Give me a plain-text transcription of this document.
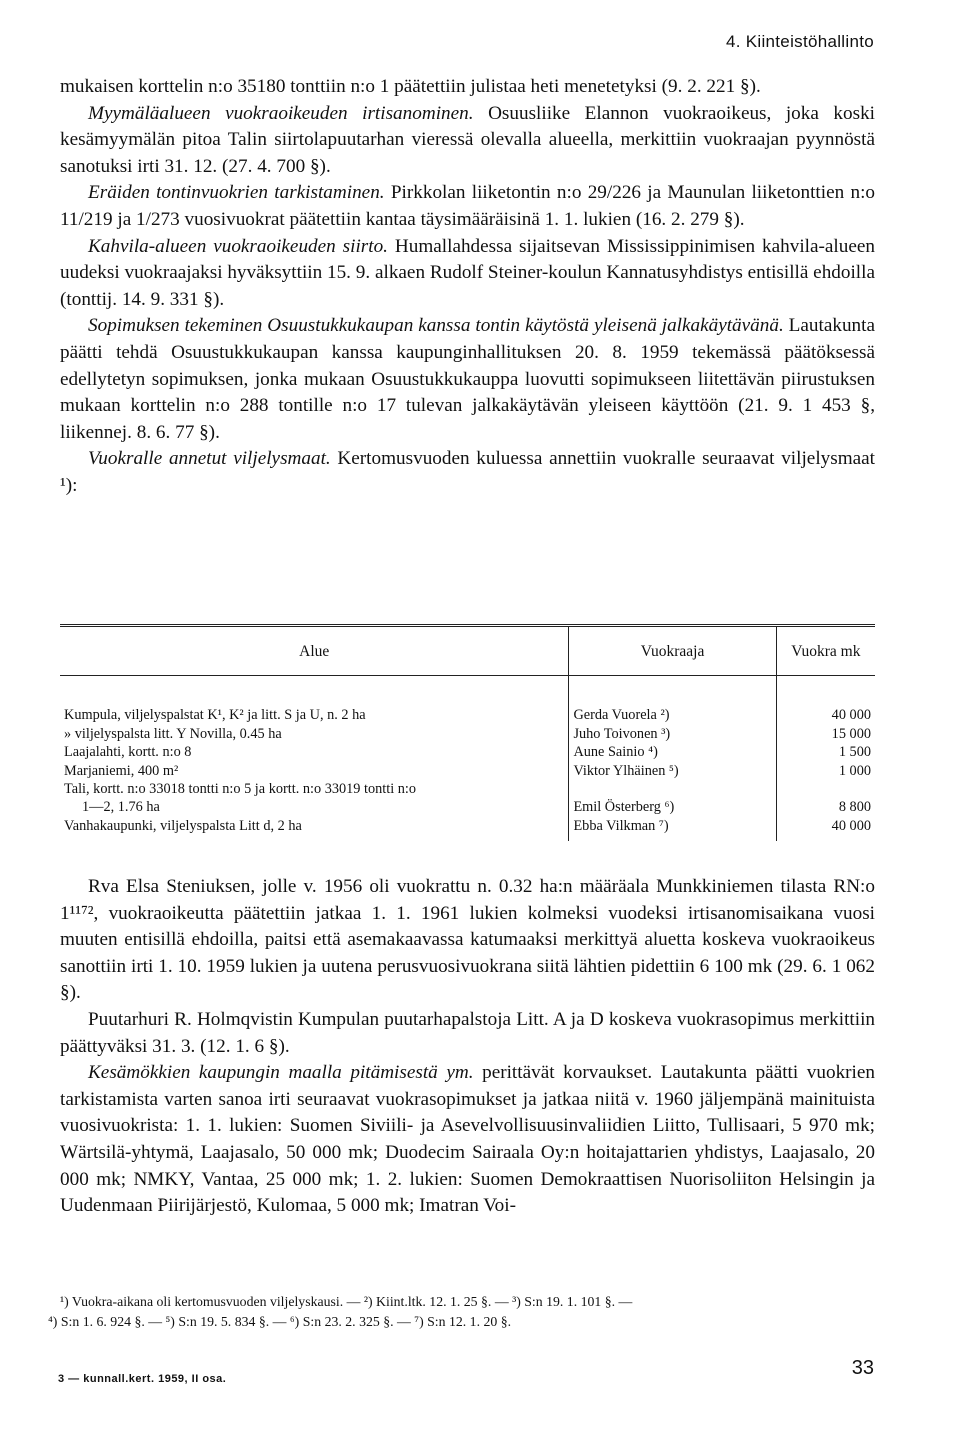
4. Kiinteistöhallinto

mukaisen korttelin n:o 35180 tonttiin n:o 1 päätettiin julistaa heti menetetyksi (9. 2. 221 §).

Myymäläalueen vuokraoikeuden irtisanominen. Osuusliike Elannon vuokraoikeus, joka koski kesämyymälän pitoa Talin siirtolapuutarhan vieressä olevalla alueella, merkittiin vuokraajan pyynnöstä sanotuksi irti 31. 12. (27. 4. 700 §).

Eräiden tontinvuokrien tarkistaminen. Pirkkolan liiketontin n:o 29/226 ja Maunulan liiketonttien n:o 11/219 ja 1/273 vuosivuokrat päätettiin kantaa täysimääräisinä 1. 1. lukien (16. 2. 279 §).

Kahvila-alueen vuokraoikeuden siirto. Humallahdessa sijaitsevan Mississippinimisen kahvila-alueen uudeksi vuokraajaksi hyväksyttiin 15. 9. alkaen Rudolf Steiner-koulun Kannatusyhdistys entisillä ehdoilla (tonttij. 14. 9. 331 §).

Sopimuksen tekeminen Osuustukkukaupan kanssa tontin käytöstä yleisenä jalkakäytävänä. Lautakunta päätti tehdä Osuustukkukaupan kanssa kaupunginhallituksen 20. 8. 1959 tekemässä päätöksessä edellytetyn sopimuksen, jonka mukaan Osuustukkukauppa luovutti sopimukseen liitettävän piirustuksen mukaan korttelin n:o 288 tontille n:o 17 tulevan jalkakäytävän yleiseen käyttöön (21. 9. 1 453 §, liikennej. 8. 6. 77 §).

Vuokralle annetut viljelysmaat. Kertomusvuoden kuluessa annettiin vuokralle seuraavat viljelysmaat ¹):

Alue	Vuokraaja	Vuokra mk
Kumpula, viljelyspalstat K¹, K² ja litt. S ja U, n. 2 ha	Gerda Vuorela ²)	40 000
» viljelyspalsta litt. Y Novilla, 0.45 ha	Juho Toivonen ³)	15 000
Laajalahti, kortt. n:o 8	Aune Sainio ⁴)	1 500
Marjaniemi, 400 m²	Viktor Ylhäinen ⁵)	1 000
Tali, kortt. n:o 33018 tontti n:o 5 ja kortt. n:o 33019 tontti n:o		
1—2, 1.76 ha	Emil Österberg ⁶)	8 800
Vanhakaupunki, viljelyspalsta Litt d, 2 ha	Ebba Vilkman ⁷)	40 000

Rva Elsa Steniuksen, jolle v. 1956 oli vuokrattu n. 0.32 ha:n määräala Munkkiniemen tilasta RN:o 1¹¹⁷², vuokraoikeutta päätettiin jatkaa 1. 1. 1961 lukien kolmeksi vuodeksi irtisanomisaikana vuosi muuten entisillä ehdoilla, paitsi että asemakaavassa katumaaksi merkittyä aluetta koskeva vuokraoikeus sanottiin irti 1. 10. 1959 lukien ja uutena perusvuosivuokrana siitä lähtien pidettiin 6 100 mk (29. 6. 1 062 §).

Puutarhuri R. Holmqvistin Kumpulan puutarhapalstoja Litt. A ja D koskeva vuokrasopimus merkittiin päättyväksi 31. 3. (12. 1. 6 §).

Kesämökkien kaupungin maalla pitämisestä ym. perittävät korvaukset. Lautakunta päätti vuokrien tarkistamista varten sanoa irti seuraavat vuokrasopimukset ja jatkaa niitä v. 1960 jäljempänä mainituista vuosivuokrista: 1. 1. lukien: Suomen Siviili- ja Asevelvollisuusinvaliidien Liitto, Tullisaari, 5 970 mk; Wärtsilä-yhtymä, Laajasalo, 50 000 mk; Duodecim Sairaala Oy:n hoitajattarien yhdistys, Laajasalo, 20 000 mk; NMKY, Vantaa, 25 000 mk; 1. 2. lukien: Suomen Demokraattisen Nuorisoliiton Helsingin ja Uudenmaan Piirijärjestö, Kulomaa, 5 000 mk; Imatran Voi-

¹) Vuokra-aikana oli kertomusvuoden viljelyskausi. — ²) Kiint.ltk. 12. 1. 25 §. — ³) S:n 19. 1. 101 §. —
⁴) S:n 1. 6. 924 §. — ⁵) S:n 19. 5. 834 §. — ⁶) S:n 23. 2. 325 §. — ⁷) S:n 12. 1. 20 §.
3 — kunnall.kert. 1959, II osa.	33
